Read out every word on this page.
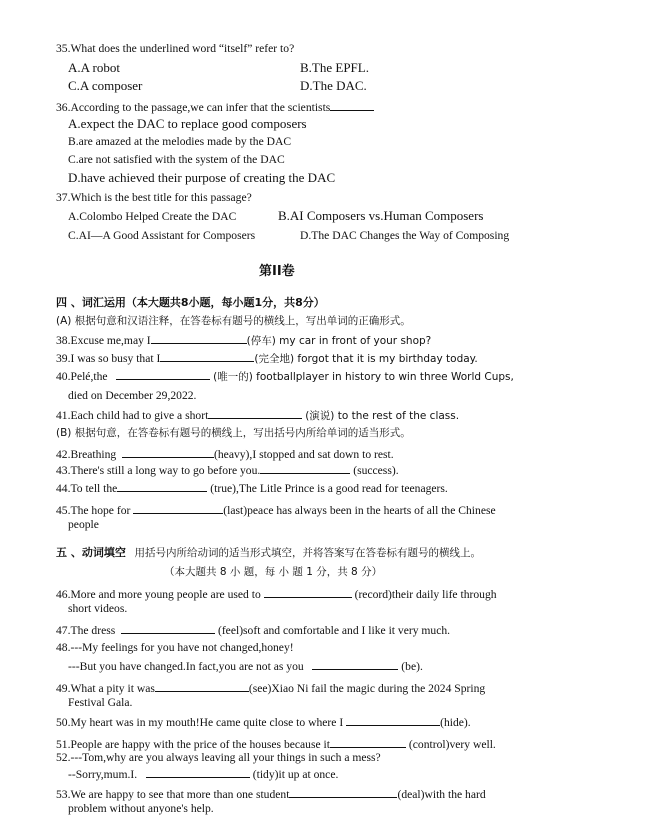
35.What does the underlined word “itself” refer to?
A.A robot	B.The EPFL.
C.A composer	D.The DAC.
36.According to the passage,we can infer that the scientists
A.expect the DAC to replace good composers
B.are amazed at the melodies made by the DAC
C.are not satisfied with the system of the DAC
D.have achieved their purpose of creating the DAC
37.Which is the best title for this passage?
A.Colombo Helped Create the DAC	B.AI Composers vs.Human Composers
C.AI—A Good Assistant for Composers	D.The DAC Changes the Way of Composing
第II卷
四 、词汇运用（本大题共8小题，每小题1分，共8分）
(A) 根据句意和汉语注释，在答卷标有题号的横线上，写出单词的正确形式。
38.Excuse me,may I	(停车) my car in front of your shop?
39.I was so busy that I	(完全地) forgot that it is my birthday today.
40.Pelé,the	(唯一的) footballplayer in history to win three World Cups,
died on December 29,2022.
41.Each child had to give a short	(演说) to the rest of the class.
(B) 根据句意，在答卷标有题号的横线上，写出括号内所给单词的适当形式。
42.Breathing	(heavy),I stopped and sat down to rest.
43.There's still a long way to go before you.	(success).
44.To tell the	(true),The Litle Prince is a good read for teenagers.
45.The hope for	(last)peace has always been in the hearts of all the Chinese
people
五 、动词填空 用括号内所给动词的适当形式填空，并将答案写在答卷标有题号的横线上。
（本大题共 8 小 题，每 小 题 1 分，共 8 分）
46.More and more young people are used to	(record)their daily life through
short videos.
47.The dress	(feel)soft and comfortable and I like it very much.
48.---My feelings for you have not changed,honey!
---But you have changed.In fact,you are not as you	(be).
49.What a pity it was	(see)Xiao Ni fail the magic during the 2024 Spring
Festival Gala.
50.My heart was in my mouth!He came quite close to where I	(hide).
51.People are happy with the price of the houses because it	(control)very well.
52.---Tom,why are you always leaving all your things in such a mess?
--Sorry,mum.I.	(tidy)it up at once.
53.We are happy to see that more than one student	(deal)with the hard
problem without anyone's help.
